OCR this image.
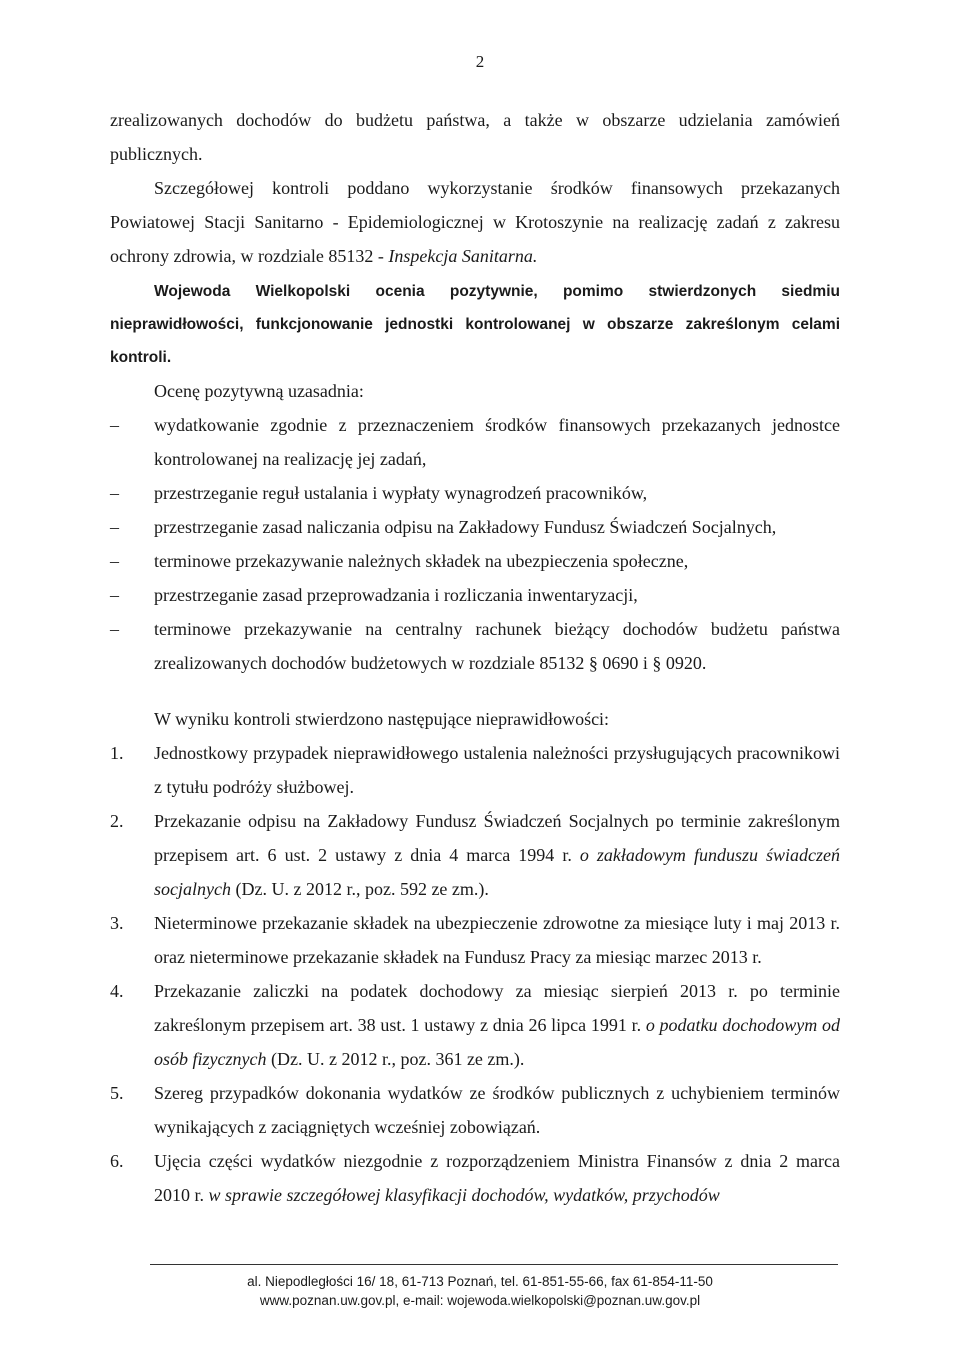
2

zrealizowanych dochodów do budżetu państwa, a także w obszarze udzielania zamówień publicznych.

Szczegółowej kontroli poddano wykorzystanie środków finansowych przekazanych Powiatowej Stacji Sanitarno - Epidemiologicznej w Krotoszynie na realizację zadań z zakresu ochrony zdrowia, w rozdziale 85132 - Inspekcja Sanitarna.

Wojewoda Wielkopolski ocenia pozytywnie, pomimo stwierdzonych siedmiu nieprawidłowości, funkcjonowanie jednostki kontrolowanej w obszarze zakreślonym celami kontroli.

Ocenę pozytywną uzasadnia:

– wydatkowanie zgodnie z przeznaczeniem środków finansowych przekazanych jednostce kontrolowanej na realizację jej zadań,
– przestrzeganie reguł ustalania i wypłaty wynagrodzeń pracowników,
– przestrzeganie zasad naliczania odpisu na Zakładowy Fundusz Świadczeń Socjalnych,
– terminowe przekazywanie należnych składek na ubezpieczenia społeczne,
– przestrzeganie zasad przeprowadzania i rozliczania inwentaryzacji,
– terminowe przekazywanie na centralny rachunek bieżący dochodów budżetu państwa zrealizowanych dochodów budżetowych w rozdziale 85132 § 0690 i § 0920.

W wyniku kontroli stwierdzono następujące nieprawidłowości:

1. Jednostkowy przypadek nieprawidłowego ustalenia należności przysługujących pracownikowi z tytułu podróży służbowej.
2. Przekazanie odpisu na Zakładowy Fundusz Świadczeń Socjalnych po terminie zakreślonym przepisem art. 6 ust. 2 ustawy z dnia 4 marca 1994 r. o zakładowym funduszu świadczeń socjalnych (Dz. U. z 2012 r., poz. 592 ze zm.).
3. Nieterminowe przekazanie składek na ubezpieczenie zdrowotne za miesiące luty i maj 2013 r. oraz nieterminowe przekazanie składek na Fundusz Pracy za miesiąc marzec 2013 r.
4. Przekazanie zaliczki na podatek dochodowy za miesiąc sierpień 2013 r. po terminie zakreślonym przepisem art. 38 ust. 1 ustawy z dnia 26 lipca 1991 r. o podatku dochodowym od osób fizycznych (Dz. U. z 2012 r., poz. 361 ze zm.).
5. Szereg przypadków dokonania wydatków ze środków publicznych z uchybieniem terminów wynikających z zaciągniętych wcześniej zobowiązań.
6. Ujęcia części wydatków niezgodnie z rozporządzeniem Ministra Finansów z dnia 2 marca 2010 r. w sprawie szczegółowej klasyfikacji dochodów, wydatków, przychodów
al. Niepodległości 16/ 18, 61-713 Poznań, tel. 61-851-55-66, fax 61-854-11-50
www.poznan.uw.gov.pl, e-mail: wojewoda.wielkopolski@poznan.uw.gov.pl
